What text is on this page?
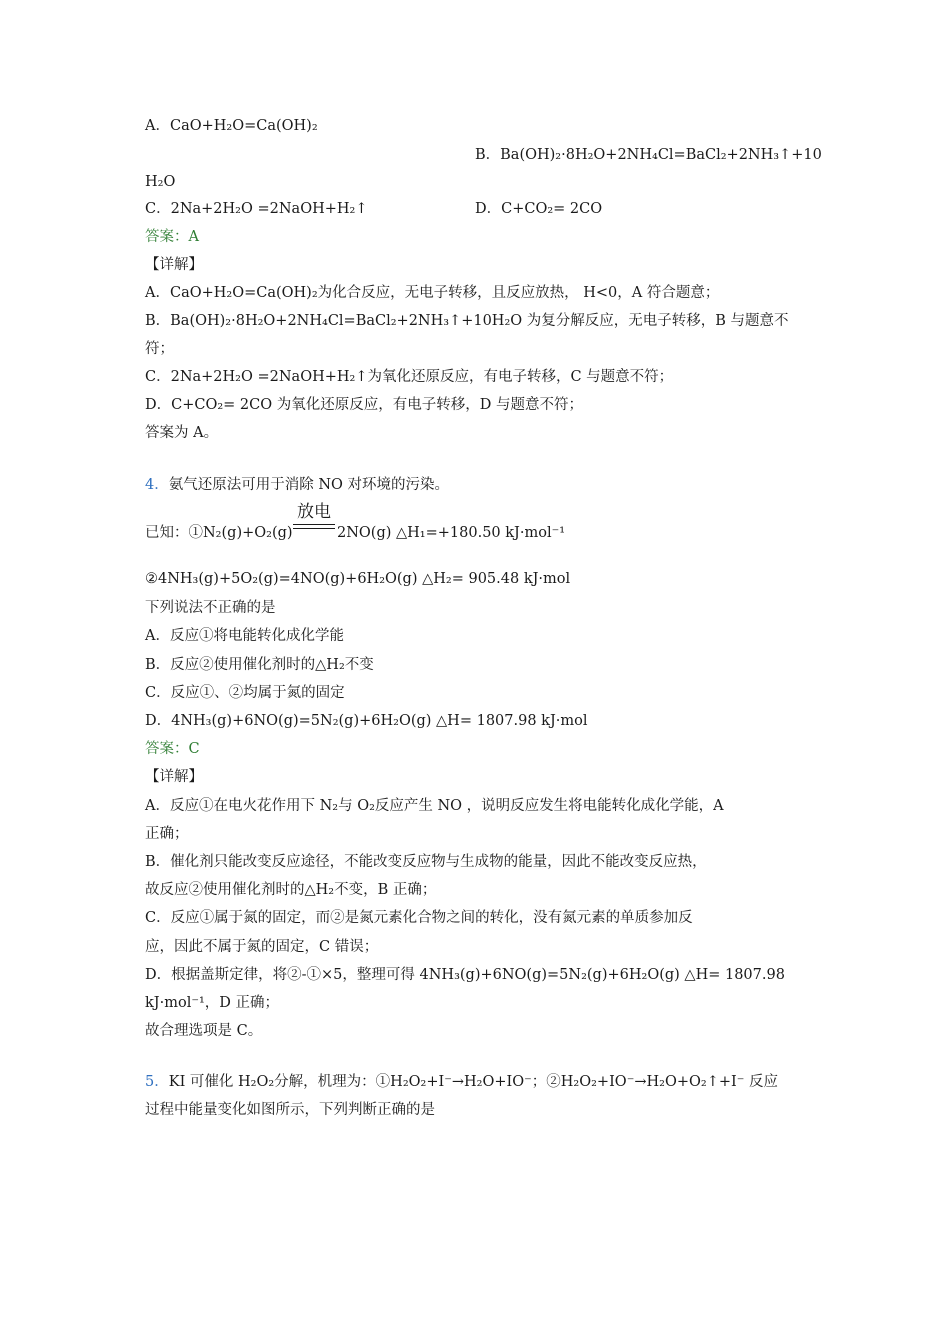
A．CaO+H₂O=Ca(OH)₂
B．Ba(OH)₂·8H₂O+2NH₄Cl=BaCl₂+2NH₃↑+10
H₂O
C．2Na+2H₂O =2NaOH+H₂↑	D．C+CO₂= 2CO
答案：A
【详解】
A．CaO+H₂O=Ca(OH)₂为化合反应，无电子转移，且反应放热， H<0，A 符合题意；
B．Ba(OH)₂·8H₂O+2NH₄Cl=BaCl₂+2NH₃↑+10H₂O 为复分解反应，无电子转移，B 与题意不
符；
C．2Na+2H₂O =2NaOH+H₂↑为氧化还原反应，有电子转移，C 与题意不符；
D．C+CO₂= 2CO 为氧化还原反应，有电子转移，D 与题意不符；
答案为 A。
4．氨气还原法可用于消除 NO 对环境的污染。
放电
已知：①N₂(g)+O₂(g)	2NO(g) △H₁=+180.50 kJ·mol⁻¹
②4NH₃(g)+5O₂(g)=4NO(g)+6H₂O(g) △H₂= 905.48 kJ·mol
下列说法不正确的是
A．反应①将电能转化成化学能
B．反应②使用催化剂时的△H₂不变
C．反应①、②均属于氮的固定
D．4NH₃(g)+6NO(g)=5N₂(g)+6H₂O(g) △H= 1807.98 kJ·mol
答案：C
【详解】
A．反应①在电火花作用下 N₂与 O₂反应产生 NO ，说明反应发生将电能转化成化学能，A
正确；
B．催化剂只能改变反应途径，不能改变反应物与生成物的能量，因此不能改变反应热，
故反应②使用催化剂时的△H₂不变，B 正确；
C．反应①属于氮的固定，而②是氮元素化合物之间的转化，没有氮元素的单质参加反
应，因此不属于氮的固定，C 错误；
D．根据盖斯定律，将②-①×5，整理可得 4NH₃(g)+6NO(g)=5N₂(g)+6H₂O(g) △H= 1807.98
kJ·mol⁻¹，D 正确；
故合理选项是 C。
5．KI 可催化 H₂O₂分解，机理为：①H₂O₂+I⁻→H₂O+IO⁻；②H₂O₂+IO⁻→H₂O+O₂↑+I⁻ 反应
过程中能量变化如图所示，下列判断正确的是
